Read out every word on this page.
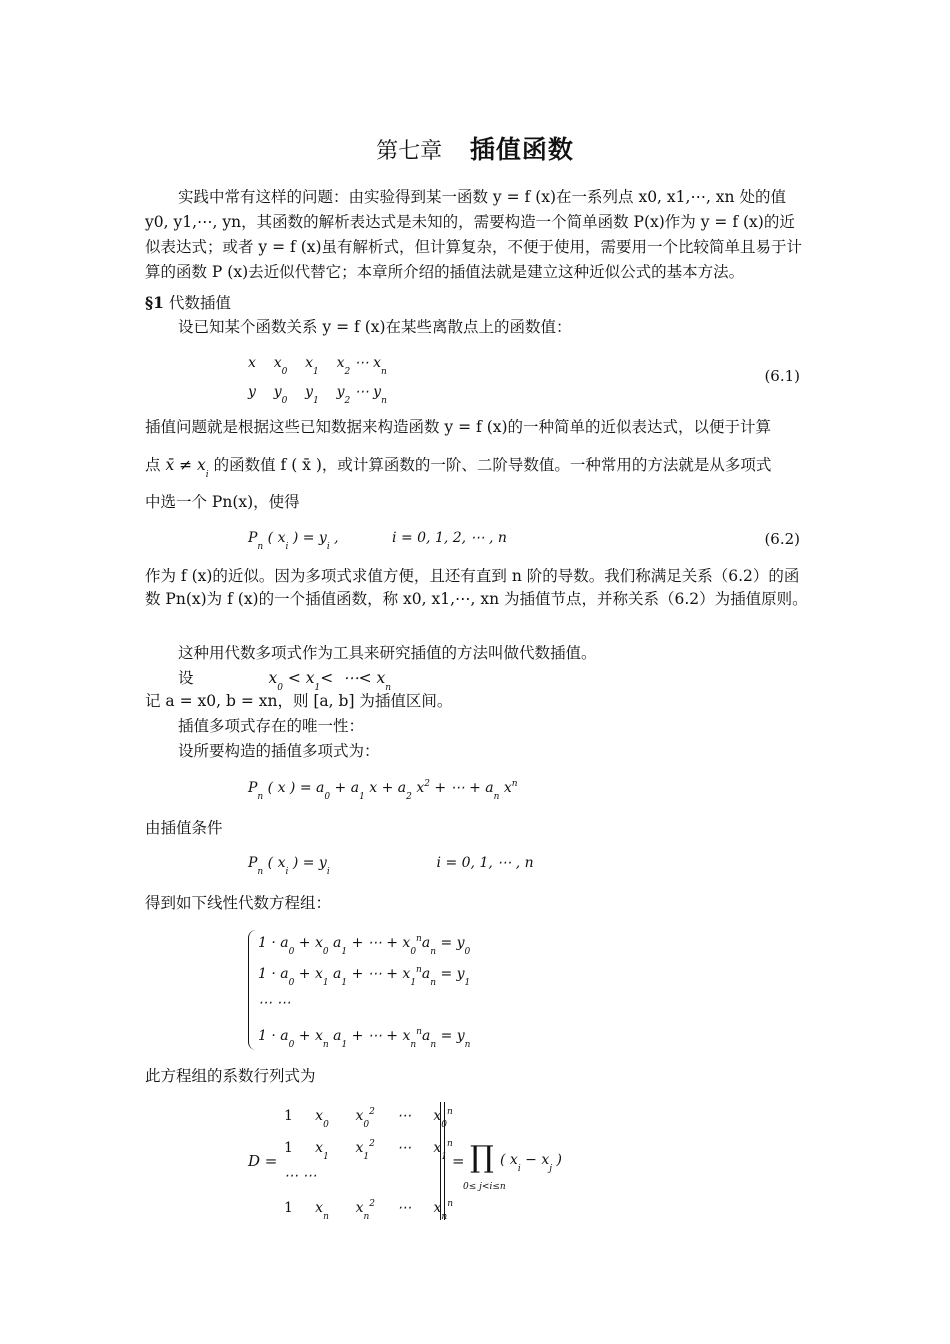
第七章 插值函数
实践中常有这样的问题：由实验得到某一函数 y = f (x)在一系列点 x0, x1,⋯, xn 处的值 y0, y1,⋯, yn，其函数的解析表达式是未知的，需要构造一个简单函数 P(x)作为 y = f (x)的近似表达式；或者 y = f (x)虽有解析式，但计算复杂，不便于使用，需要用一个比较简单且易于计算的函数 P (x)去近似代替它；本章所介绍的插值法就是建立这种近似公式的基本方法。
§1 代数插值
设已知某个函数关系 y = f (x)在某些离散点上的函数值：
x    $x_0$    $x_1$    $x_2$ ⋯ $x_n$
y    $y_0$    $y_1$    $y_2$ ⋯ $y_n$
(6.1)
插值问题就是根据这些已知数据来构造函数 y = f (x)的一种简单的近似表达式，以便于计算
点 x̄ ≠ $x_i$ 的函数值 f ( x̄ )，或计算函数的一阶、二阶导数值。一种常用的方法就是从多项式
中选一个 Pn(x)，使得
$P_n$ ( $x_i$ ) = $y_i$ ,            i = 0, 1, 2, ⋯ , n	(6.2)
作为 f (x)的近似。因为多项式求值方便，且还有直到 n 阶的导数。我们称满足关系（6.2）的函数 Pn(x)为 f (x)的一个插值函数，称 x0, x1,⋯, xn 为插值节点，并称关系（6.2）为插值原则。
这种用代数多项式作为工具来研究插值的方法叫做代数插值。
设	$x_0 < x_1<$  ⋯< $x_n$
记 a = x0, b = xn，则 [a, b] 为插值区间。
插值多项式存在的唯一性：
设所要构造的插值多项式为：
$P_n$ ( x ) = $a_0 + a_1$ $x + a_2$ $x^2$ + ⋯ + $a_n$ $x^n$
由插值条件
$P_n$ ( $x_i$ ) = $y_i$                        i = 0, 1, ⋯ , n
得到如下线性代数方程组：
$1 \cdot a_0 + x_0$ $a_1$ + ⋯ + $x_0^na_n = y_0$
$1 \cdot a_0 + x_1$ $a_1$ + ⋯ + $x_1^na_n = y_1$
⋯ ⋯
$1 \cdot a_0 + x_n$ $a_1$ + ⋯ + $x_n^na_n = y_n$
此方程组的系数行列式为
D =
1     $x_0$      $x_0^2$     ⋯     $x_0^n$
1     $x_1$      $x_1^2$     ⋯     $x_1^n$
⋯ ⋯
1     $x_n$      $x_n^2$     ⋯     $x_n^n$
= ∏ ( $x_i - x_j$ )
0≤ j<i≤n
